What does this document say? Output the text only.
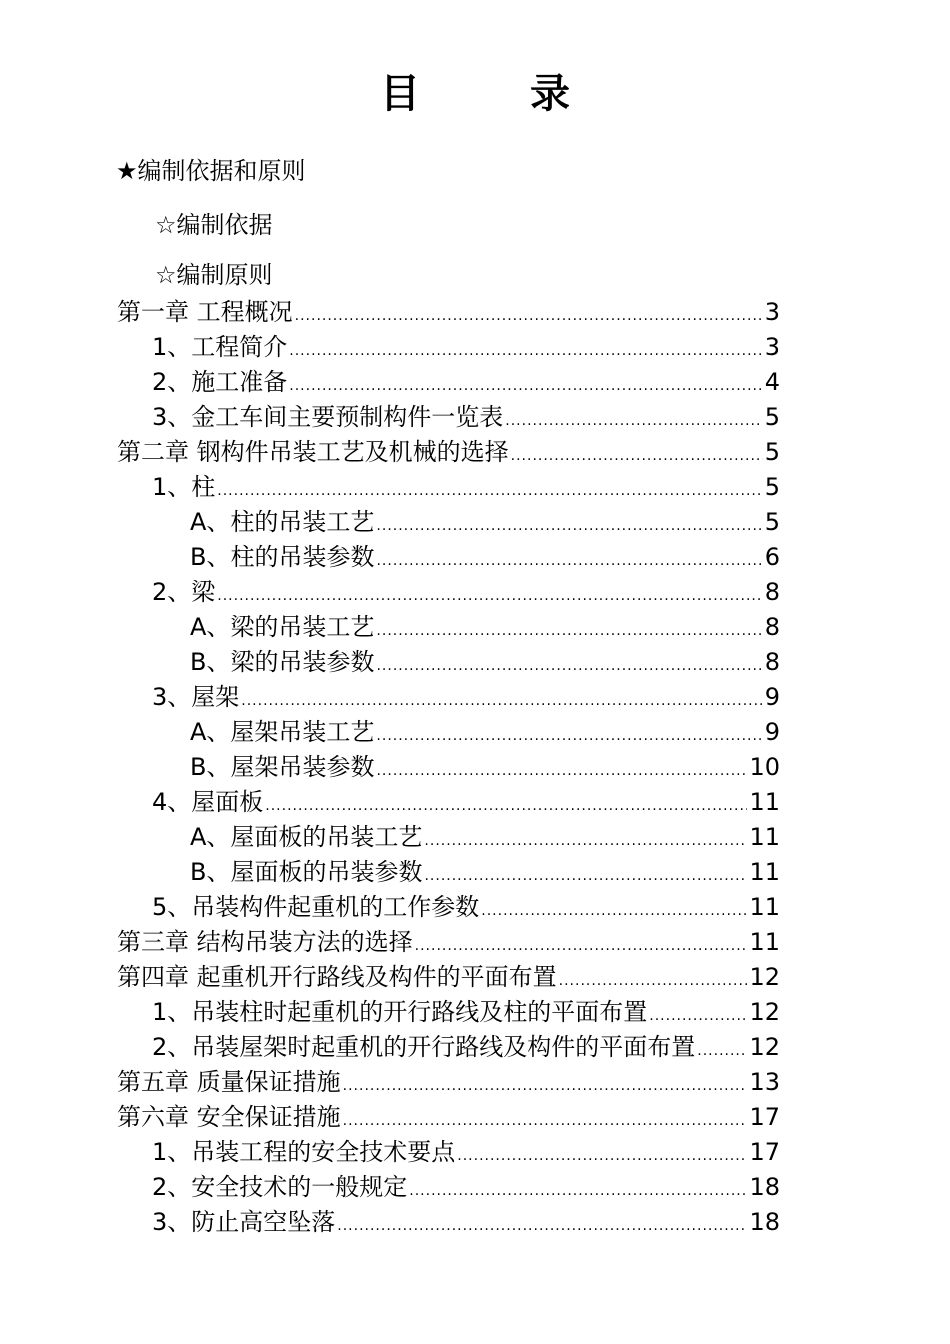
目	录
★编制依据和原则
☆编制依据
☆编制原则
第一章 工程概况 .....	3
1、工程简介 .....	3
2、施工准备 .....	4
3、金工车间主要预制构件一览表 .....	5
第二章 钢构件吊装工艺及机械的选择 .....	5
1、柱 .....	5
A、柱的吊装工艺 .....	5
B、柱的吊装参数 .....	6
2、梁 .....	8
A、梁的吊装工艺 .....	8
B、梁的吊装参数 .....	8
3、屋架 .....	9
A、屋架吊装工艺 .....	9
B、屋架吊装参数 .....	10
4、屋面板 .....	11
A、屋面板的吊装工艺 .....	11
B、屋面板的吊装参数 .....	11
5、吊装构件起重机的工作参数 .....	11
第三章 结构吊装方法的选择 .....	11
第四章 起重机开行路线及构件的平面布置 .....	12
1、吊装柱时起重机的开行路线及柱的平面布置 .....	12
2、吊装屋架时起重机的开行路线及构件的平面布置 ..... 12
第五章 质量保证措施 .....	13
第六章 安全保证措施 .....	17
1、吊装工程的安全技术要点 .....	17
2、安全技术的一般规定 .....	18
3、防止高空坠落 .....	18
